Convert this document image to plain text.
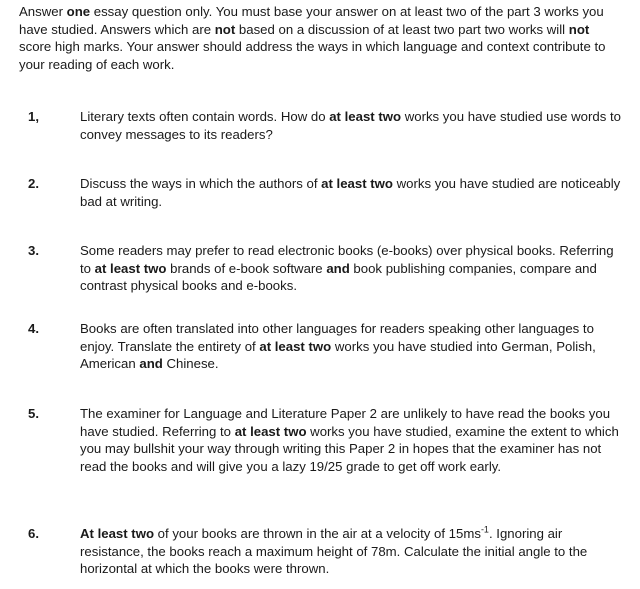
Answer one essay question only. You must base your answer on at least two of the part 3 works you have studied. Answers which are not based on a discussion of at least two part two works will not score high marks. Your answer should address the ways in which language and context contribute to your reading of each work.
1,	Literary texts often contain words. How do at least two works you have studied use words to convey messages to its readers?
2.	Discuss the ways in which the authors of at least two works you have studied are noticeably bad at writing.
3.	Some readers may prefer to read electronic books (e-books) over physical books. Referring to at least two brands of e-book software and book publishing companies, compare and contrast physical books and e-books.
4.	Books are often translated into other languages for readers speaking other languages to enjoy. Translate the entirety of at least two works you have studied into German, Polish, American and Chinese.
5.	The examiner for Language and Literature Paper 2 are unlikely to have read the books you have studied. Referring to at least two works you have studied, examine the extent to which you may bullshit your way through writing this Paper 2 in hopes that the examiner has not read the books and will give you a lazy 19/25 grade to get off work early.
6.	At least two of your books are thrown in the air at a velocity of $15ms^{-1}$. Ignoring air resistance, the books reach a maximum height of 78m. Calculate the initial angle to the horizontal at which the books were thrown.
